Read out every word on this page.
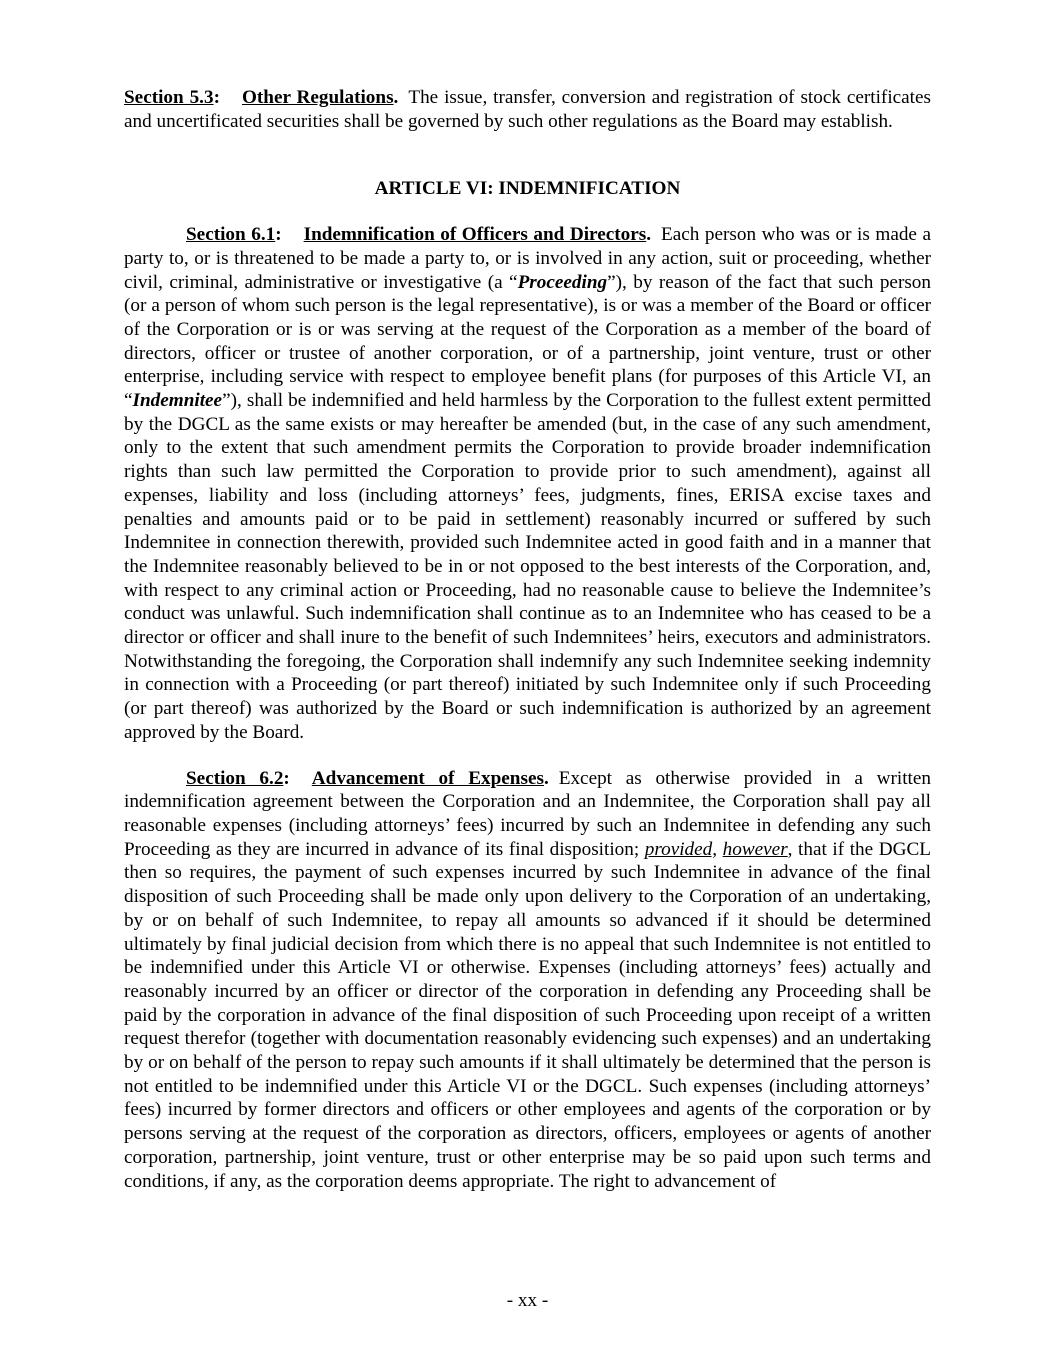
Section 5.3: Other Regulations. The issue, transfer, conversion and registration of stock certificates and uncertificated securities shall be governed by such other regulations as the Board may establish.

ARTICLE VI: INDEMNIFICATION

Section 6.1: Indemnification of Officers and Directors. Each person who was or is made a party to, or is threatened to be made a party to, or is involved in any action, suit or proceeding, whether civil, criminal, administrative or investigative (a “Proceeding”), by reason of the fact that such person (or a person of whom such person is the legal representative), is or was a member of the Board or officer of the Corporation or is or was serving at the request of the Corporation as a member of the board of directors, officer or trustee of another corporation, or of a partnership, joint venture, trust or other enterprise, including service with respect to employee benefit plans (for purposes of this Article VI, an “Indemnitee”), shall be indemnified and held harmless by the Corporation to the fullest extent permitted by the DGCL as the same exists or may hereafter be amended (but, in the case of any such amendment, only to the extent that such amendment permits the Corporation to provide broader indemnification rights than such law permitted the Corporation to provide prior to such amendment), against all expenses, liability and loss (including attorneys’ fees, judgments, fines, ERISA excise taxes and penalties and amounts paid or to be paid in settlement) reasonably incurred or suffered by such Indemnitee in connection therewith, provided such Indemnitee acted in good faith and in a manner that the Indemnitee reasonably believed to be in or not opposed to the best interests of the Corporation, and, with respect to any criminal action or Proceeding, had no reasonable cause to believe the Indemnitee’s conduct was unlawful. Such indemnification shall continue as to an Indemnitee who has ceased to be a director or officer and shall inure to the benefit of such Indemnitees’ heirs, executors and administrators. Notwithstanding the foregoing, the Corporation shall indemnify any such Indemnitee seeking indemnity in connection with a Proceeding (or part thereof) initiated by such Indemnitee only if such Proceeding (or part thereof) was authorized by the Board or such indemnification is authorized by an agreement approved by the Board.

Section 6.2: Advancement of Expenses. Except as otherwise provided in a written indemnification agreement between the Corporation and an Indemnitee, the Corporation shall pay all reasonable expenses (including attorneys’ fees) incurred by such an Indemnitee in defending any such Proceeding as they are incurred in advance of its final disposition; provided, however, that if the DGCL then so requires, the payment of such expenses incurred by such Indemnitee in advance of the final disposition of such Proceeding shall be made only upon delivery to the Corporation of an undertaking, by or on behalf of such Indemnitee, to repay all amounts so advanced if it should be determined ultimately by final judicial decision from which there is no appeal that such Indemnitee is not entitled to be indemnified under this Article VI or otherwise. Expenses (including attorneys’ fees) actually and reasonably incurred by an officer or director of the corporation in defending any Proceeding shall be paid by the corporation in advance of the final disposition of such Proceeding upon receipt of a written request therefor (together with documentation reasonably evidencing such expenses) and an undertaking by or on behalf of the person to repay such amounts if it shall ultimately be determined that the person is not entitled to be indemnified under this Article VI or the DGCL. Such expenses (including attorneys’ fees) incurred by former directors and officers or other employees and agents of the corporation or by persons serving at the request of the corporation as directors, officers, employees or agents of another corporation, partnership, joint venture, trust or other enterprise may be so paid upon such terms and conditions, if any, as the corporation deems appropriate. The right to advancement of

- xx -
